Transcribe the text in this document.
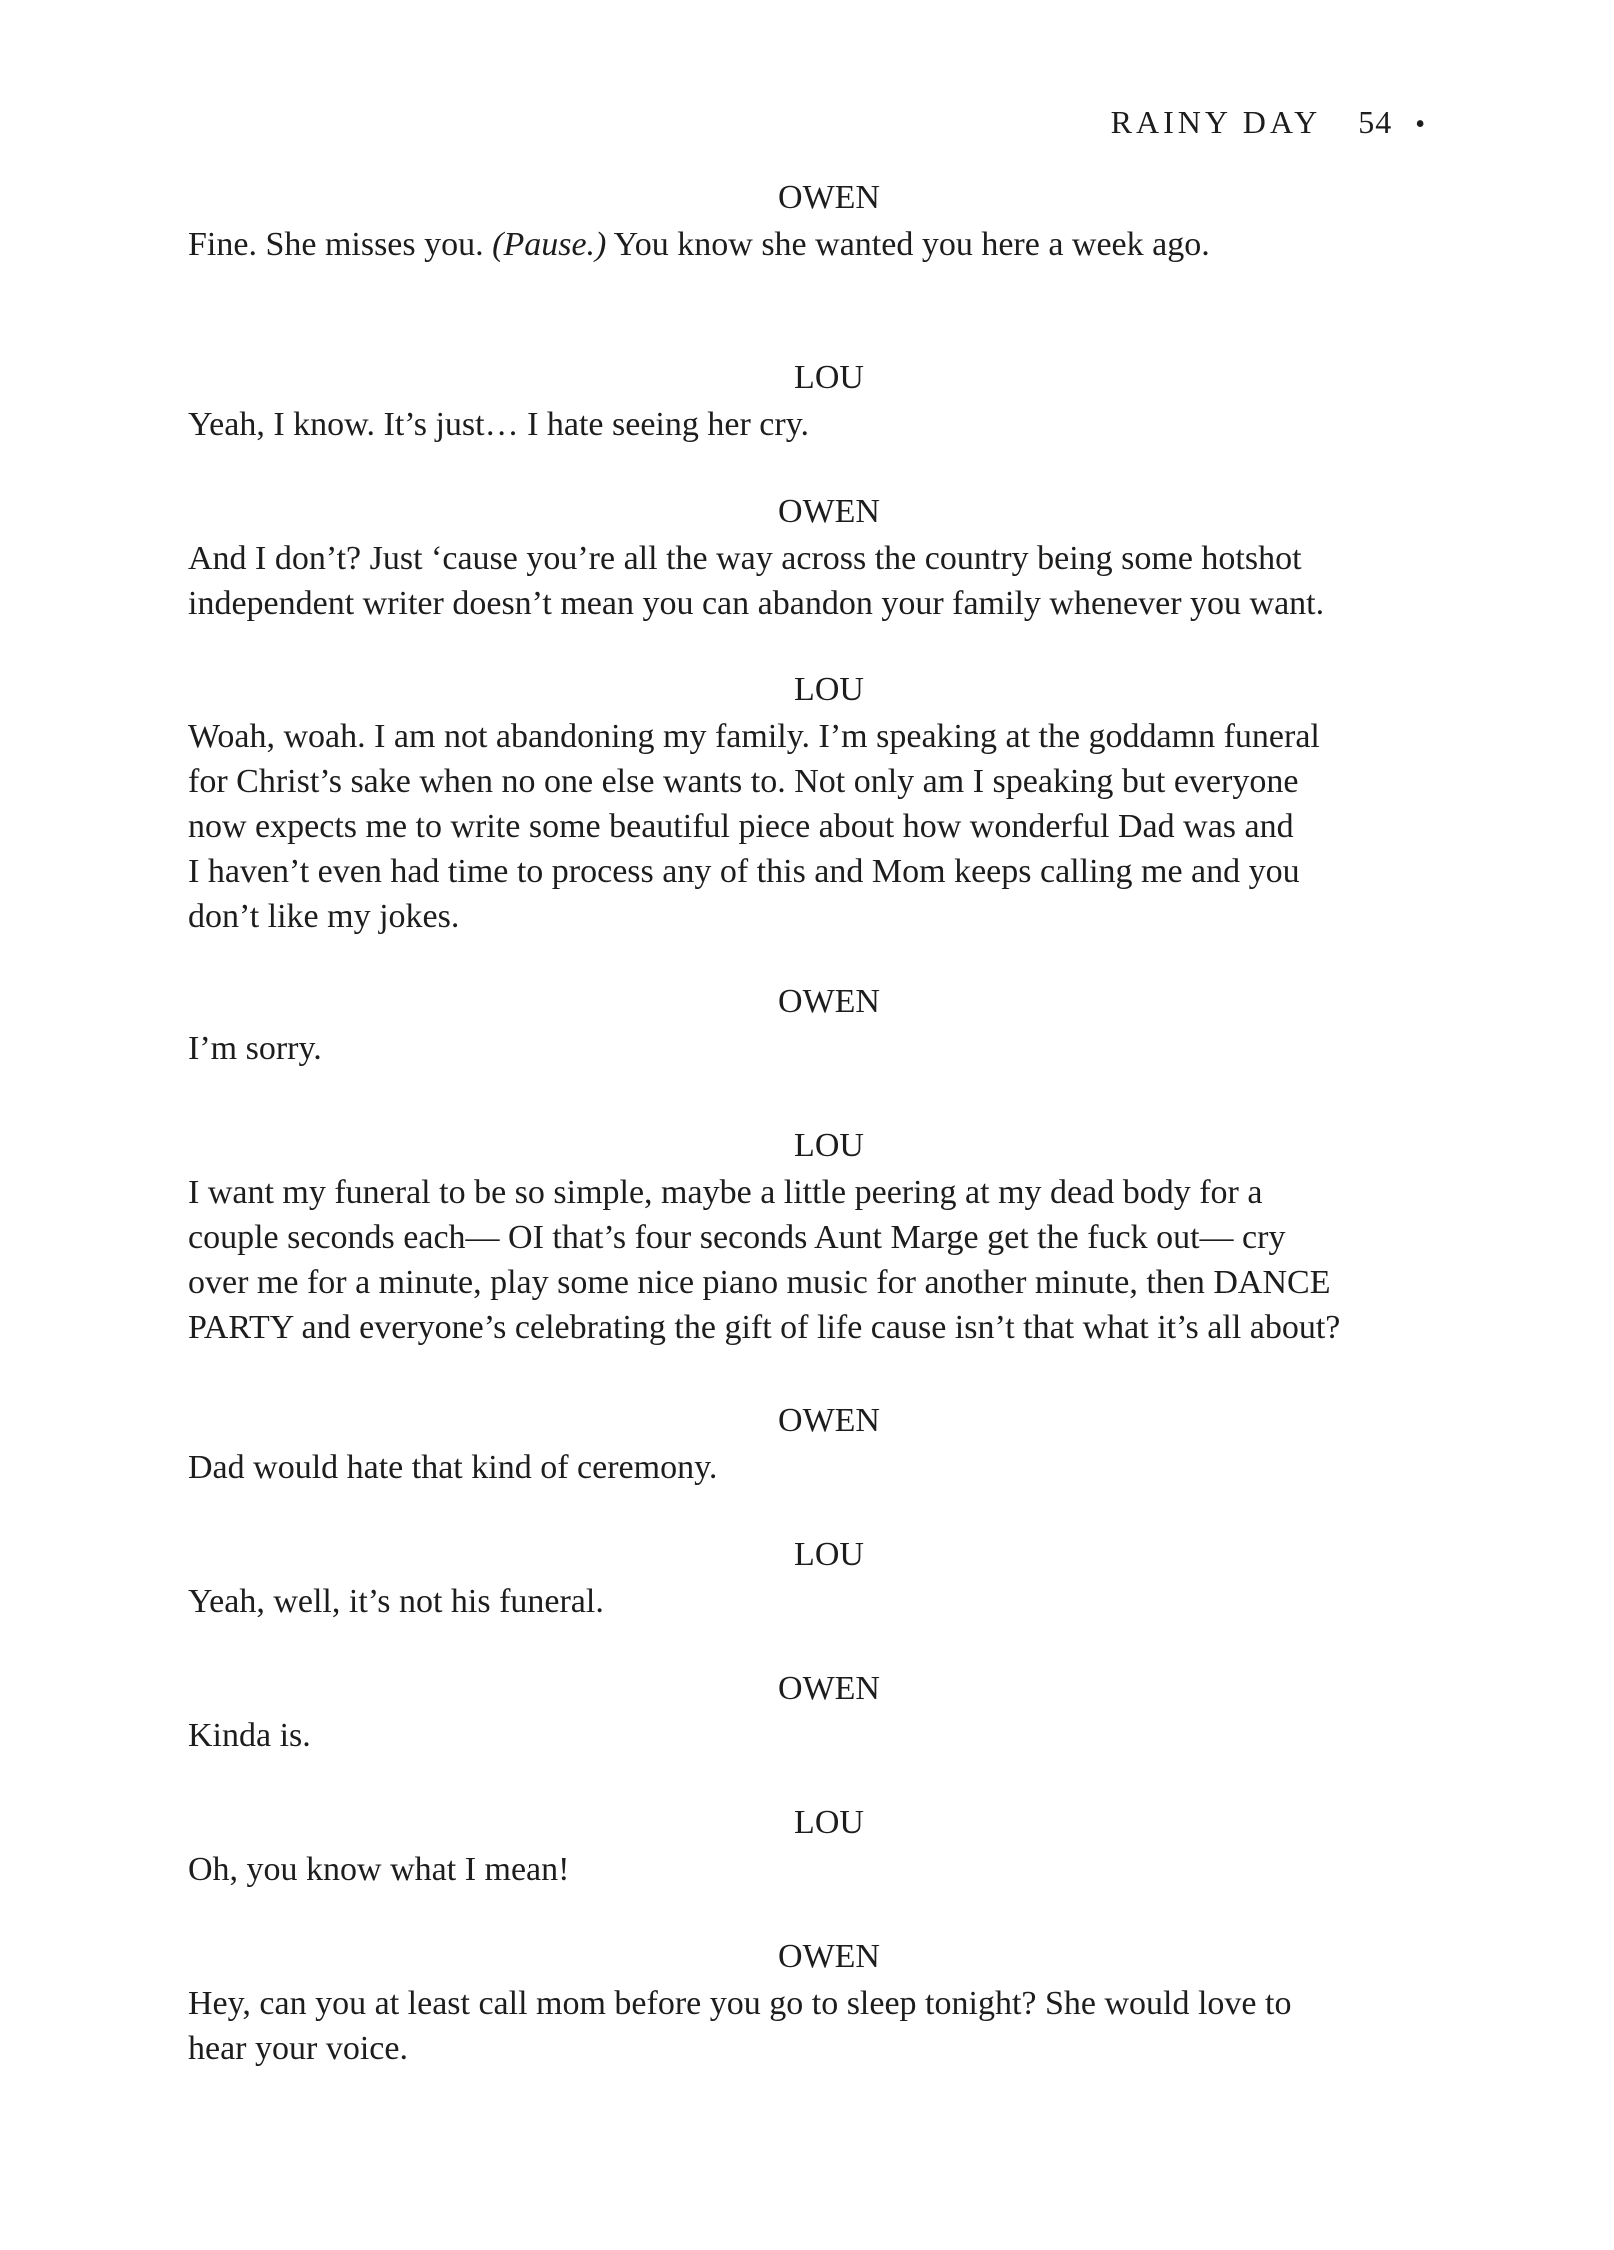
RAINY DAY 54 •
OWEN
Fine. She misses you. (Pause.) You know she wanted you here a week ago.
LOU
Yeah, I know. It’s just… I hate seeing her cry.
OWEN
And I don’t? Just ‘cause you’re all the way across the country being some hotshot
independent writer doesn’t mean you can abandon your family whenever you want.
LOU
Woah, woah. I am not abandoning my family. I’m speaking at the goddamn funeral
for Christ’s sake when no one else wants to. Not only am I speaking but everyone
now expects me to write some beautiful piece about how wonderful Dad was and
I haven’t even had time to process any of this and Mom keeps calling me and you
don’t like my jokes.
OWEN
I’m sorry.
LOU
I want my funeral to be so simple, maybe a little peering at my dead body for a
couple seconds each— OI that’s four seconds Aunt Marge get the fuck out— cry
over me for a minute, play some nice piano music for another minute, then DANCE
PARTY and everyone’s celebrating the gift of life cause isn’t that what it’s all about?
OWEN
Dad would hate that kind of ceremony.
LOU
Yeah, well, it’s not his funeral.
OWEN
Kinda is.
LOU
Oh, you know what I mean!
OWEN
Hey, can you at least call mom before you go to sleep tonight? She would love to
hear your voice.
